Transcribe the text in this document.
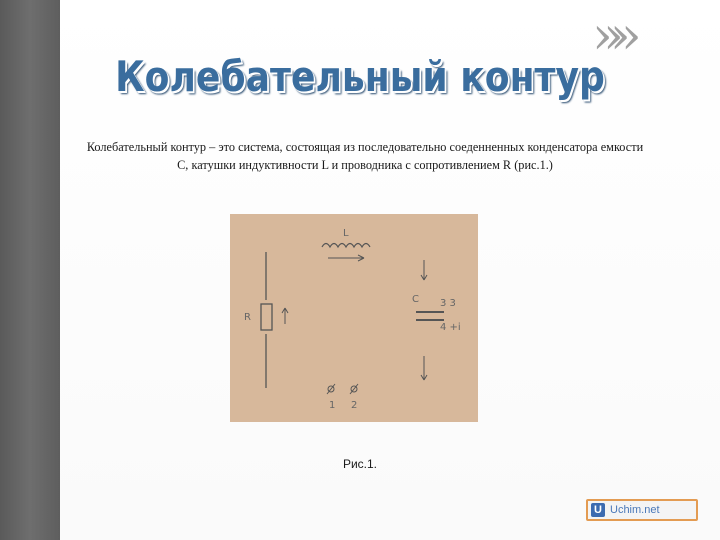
»»
Колебательный контур
Колебательный контур – это система, состоящая из последовательно соеденненных конденсатора емкости С, катушки индуктивности L и проводника с сопротивлением R (рис.1.)
L
R
C 3 3
4 +i
1 2
Рис.1.
U Uchim.net
